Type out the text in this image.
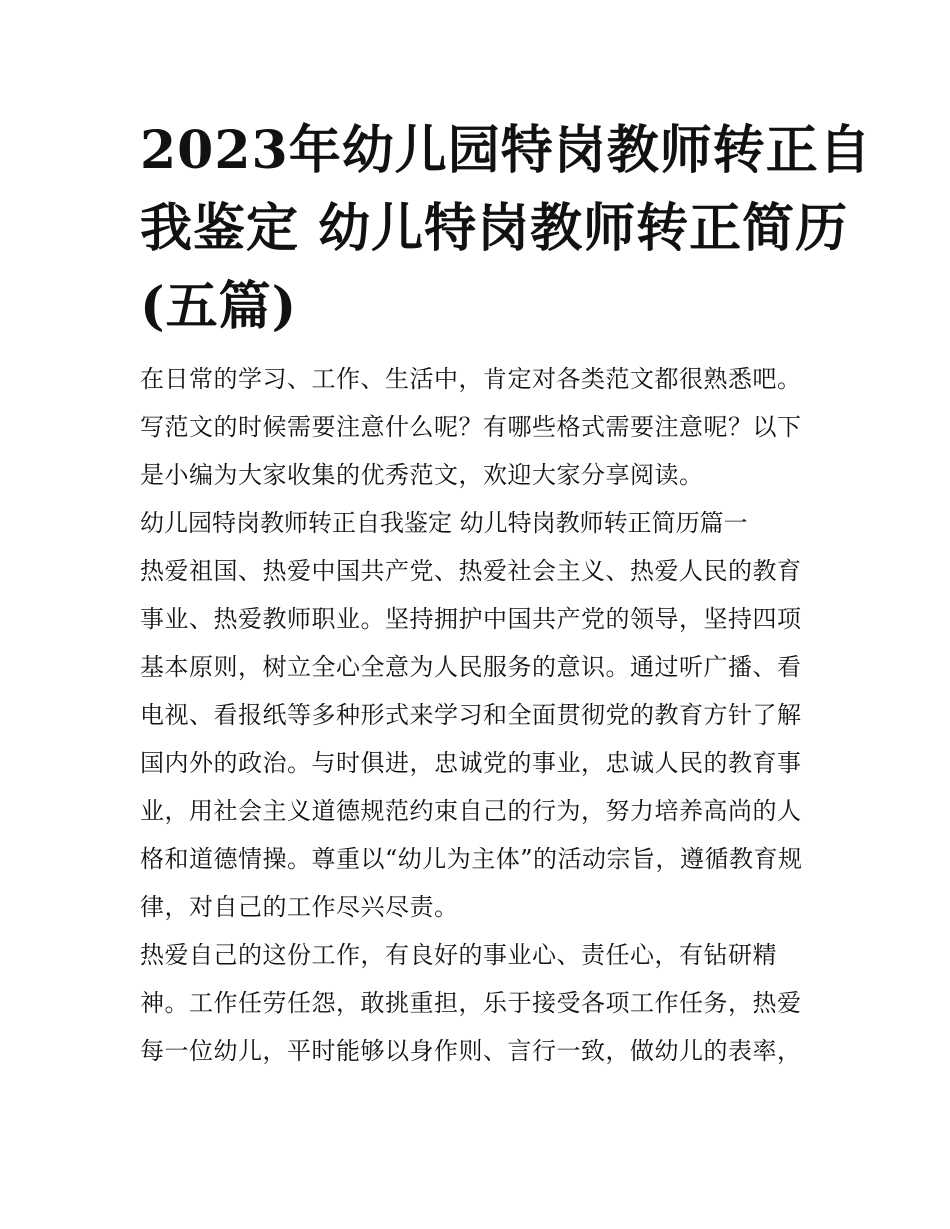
2023年幼儿园特岗教师转正自
我鉴定 幼儿特岗教师转正简历
(五篇)

在日常的学习、工作、生活中，肯定对各类范文都很熟悉吧。
写范文的时候需要注意什么呢？有哪些格式需要注意呢？以下
是小编为大家收集的优秀范文，欢迎大家分享阅读。

幼儿园特岗教师转正自我鉴定 幼儿特岗教师转正简历篇一

热爱祖国、热爱中国共产党、热爱社会主义、热爱人民的教育
事业、热爱教师职业。坚持拥护中国共产党的领导，坚持四项
基本原则，树立全心全意为人民服务的意识。通过听广播、看
电视、看报纸等多种形式来学习和全面贯彻党的教育方针了解
国内外的政治。与时俱进，忠诚党的事业，忠诚人民的教育事
业，用社会主义道德规范约束自己的行为，努力培养高尚的人
格和道德情操。尊重以“幼儿为主体”的活动宗旨，遵循教育规
律，对自己的工作尽兴尽责。

热爱自己的这份工作，有良好的事业心、责任心，有钻研精
神。工作任劳任怨，敢挑重担，乐于接受各项工作任务，热爱
每一位幼儿，平时能够以身作则、言行一致，做幼儿的表率，
